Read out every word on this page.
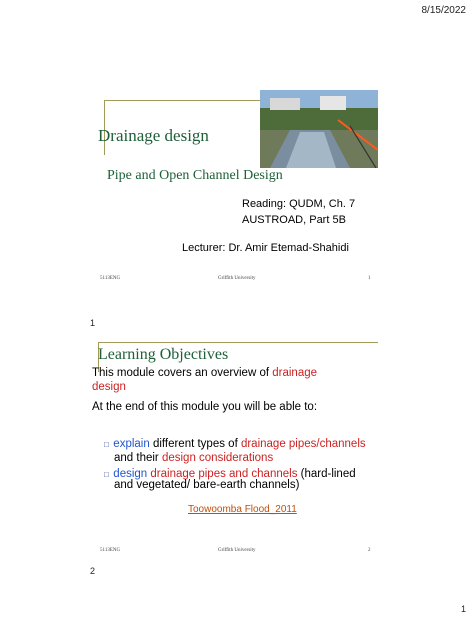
8/15/2022
Drainage design
Pipe and Open Channel Design
Reading: QUDM, Ch. 7
AUSTROAD, Part 5B
Lecturer: Dr. Amir Etemad-Shahidi
5113ENG	Griffith University	1
1
Learning Objectives
This module covers an overview of drainage
design
At the end of this module you will be able to:
□ explain different types of drainage pipes/channels
and their design considerations
□ design drainage pipes and channels (hard-lined
and vegetated/ bare-earth channels)
Toowoomba Flood_2011
5113ENG	Griffith University	2
2
1
